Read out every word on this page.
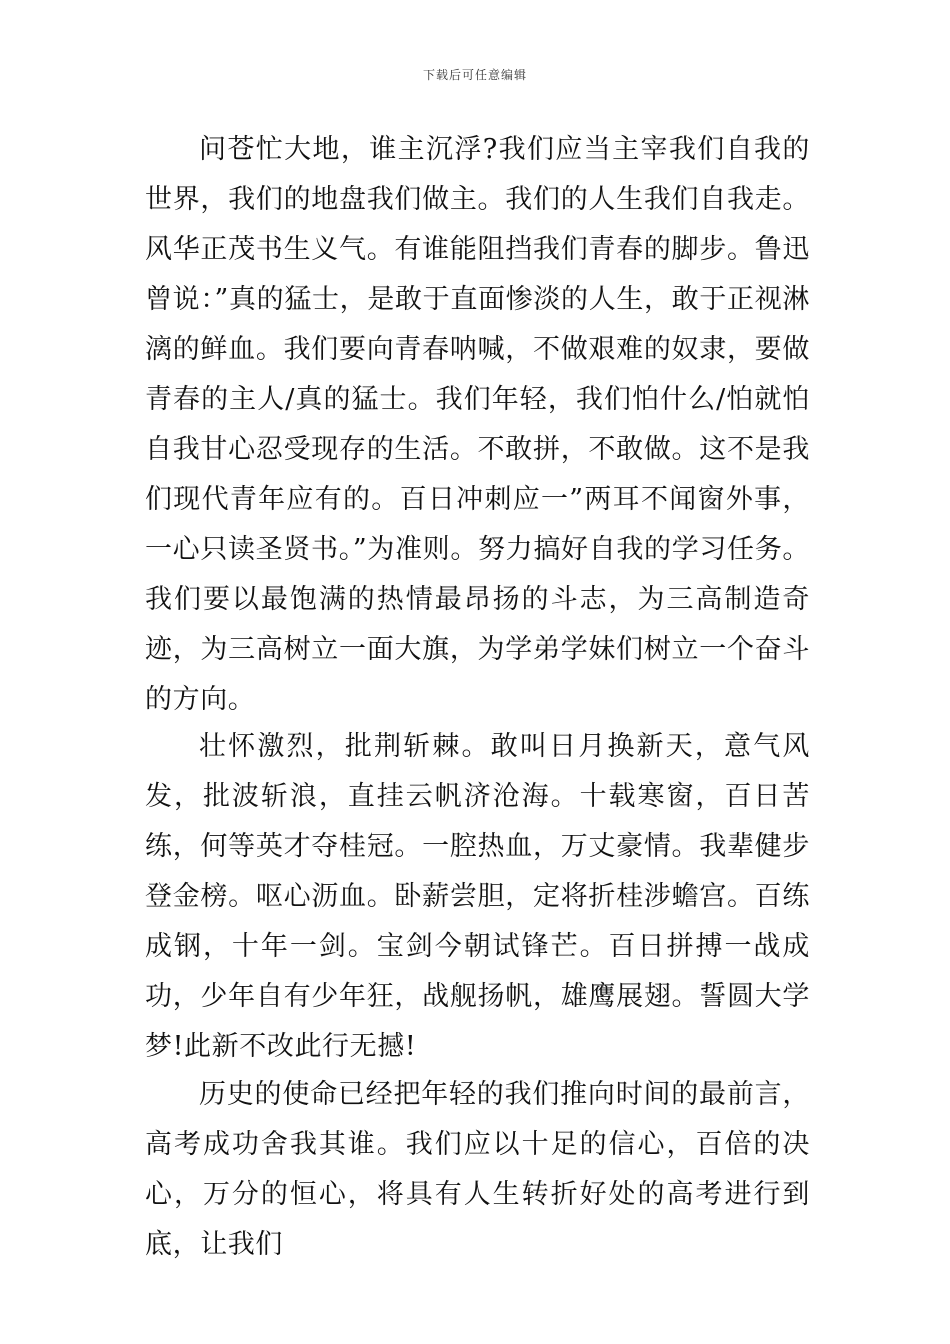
下载后可任意编辑

问苍忙大地，谁主沉浮?我们应当主宰我们自我的世界，我们的地盘我们做主。我们的人生我们自我走。风华正茂书生义气。有谁能阻挡我们青春的脚步。鲁迅曾说：”真的猛士，是敢于直面惨淡的人生，敢于正视淋漓的鲜血。我们要向青春呐喊，不做艰难的奴隶，要做青春的主人/真的猛士。我们年轻，我们怕什么/怕就怕自我甘心忍受现存的生活。不敢拼，不敢做。这不是我们现代青年应有的。百日冲刺应一”两耳不闻窗外事，一心只读圣贤书。”为准则。努力搞好自我的学习任务。我们要以最饱满的热情最昂扬的斗志，为三高制造奇迹，为三高树立一面大旗，为学弟学妹们树立一个奋斗的方向。

壮怀激烈，批荆斩棘。敢叫日月换新天，意气风发，批波斩浪，直挂云帆济沧海。十载寒窗，百日苦练，何等英才夺桂冠。一腔热血，万丈豪情。我辈健步登金榜。呕心沥血。卧薪尝胆，定将折桂涉蟾宫。百练成钢，十年一剑。宝剑今朝试锋芒。百日拼搏一战成功，少年自有少年狂，战舰扬帆，雄鹰展翅。誓圆大学梦!此新不改此行无撼!

历史的使命已经把年轻的我们推向时间的最前言，高考成功舍我其谁。我们应以十足的信心，百倍的决心，万分的恒心，将具有人生转折好处的高考进行到底，让我们
